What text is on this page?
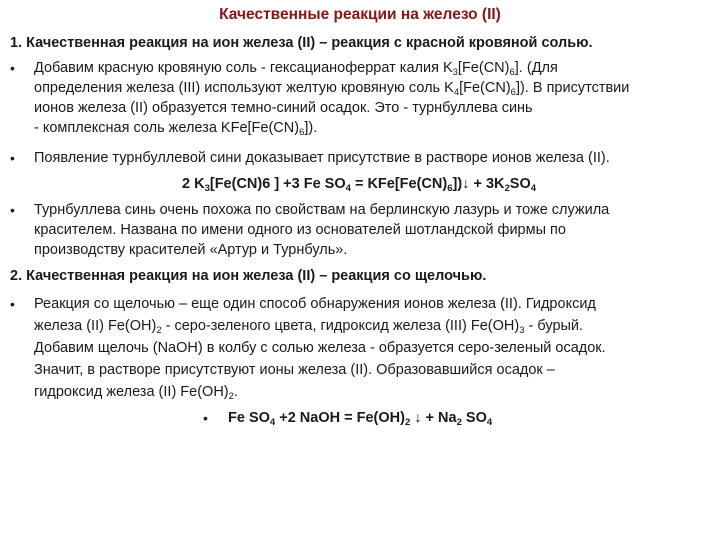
Качественные реакции на железо (II)
1. Качественная реакция на ион железа (II) – реакция с красной кровяной солью.
• Добавим красную кровяную соль - гексацианоферрат калия $K_3[Fe(CN)_6]$. (Для
определения железа (III) используют желтую кровяную соль $K_4[Fe(CN)_6]$). В присутствии
ионов железа (II) образуется темно-синий осадок. Это - турнбуллева синь
- комплексная соль железа $KFe[Fe(CN)_6]$).
• Появление турнбуллевой сини доказывает присутствие в растворе ионов железа (II).
2 $K_3[Fe(CN)6$ ] +3 Fe $SO_4$ = $KFe[Fe(CN)_6])↓ + 3K_2SO_4$
• Турнбуллева синь очень похожа по свойствам на берлинскую лазурь и тоже служила
красителем. Названа по имени одного из основателей шотландской фирмы по
производству красителей «Артур и Турнбуль».
2. Качественная реакция на ион железа (II) – реакция со щелочью.
• Реакция со щелочью – еще один способ обнаружения ионов железа (II). Гидроксид
железа (II) $Fe(OH)_2$ - серо-зеленого цвета, гидроксид железа (III) $Fe(OH)_3$ - бурый.
Добавим щелочь (NaOH) в колбу с солью железа - образуется серо-зеленый осадок.
Значит, в растворе присутствуют ионы железа (II). Образовавшийся осадок –
гидроксид железа (II) $Fe(OH)_2$.
• Fe $SO_4 +2$ NaOH = $Fe(OH)_2$ ↓ + $Na_2$ $SO_4$
